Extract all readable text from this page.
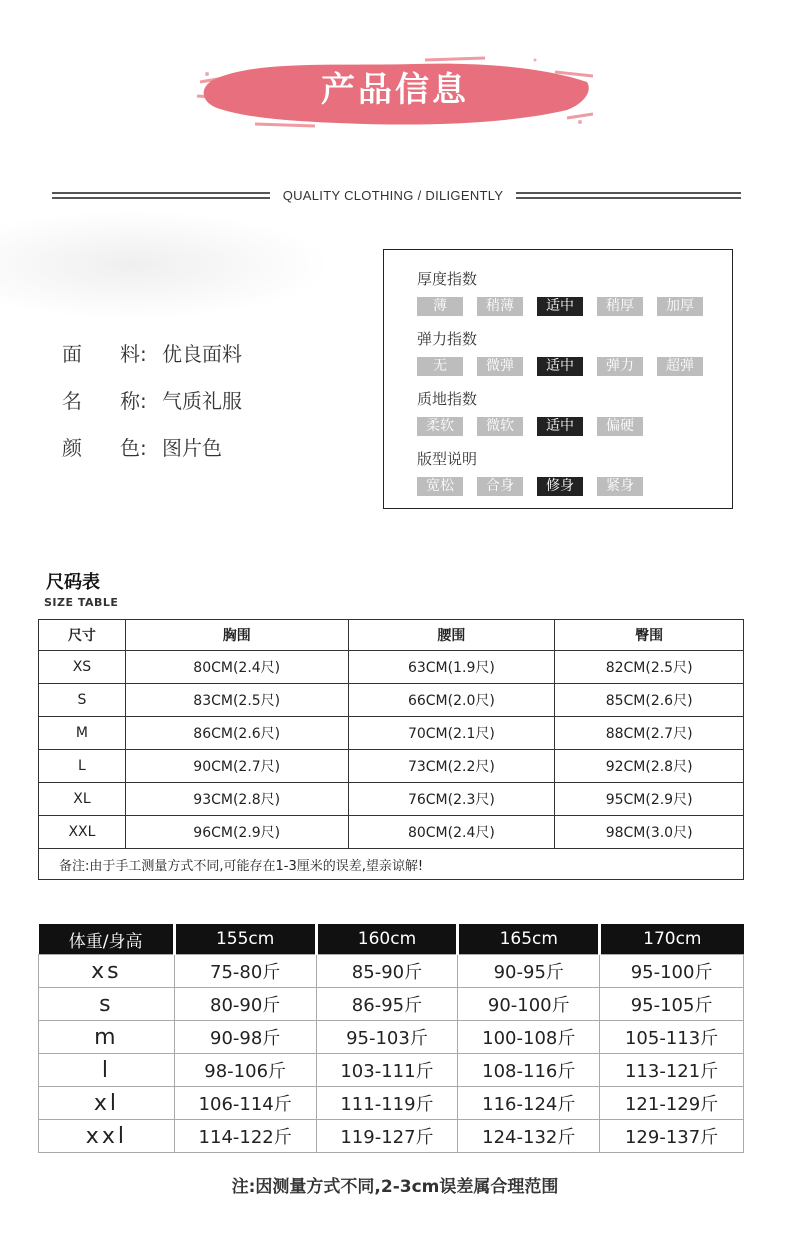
产品信息
QUALITY CLOTHING / DILIGENTLY
面 料: 优良面料
名 称: 气质礼服
颜 色: 图片色
厚度指数
薄	稍薄	适中	稍厚	加厚
弹力指数
无	微弹	适中	弹力	超弹
质地指数
柔软	微软	适中	偏硬
版型说明
宽松	合身	修身	紧身
尺码表
SIZE TABLE
尺寸	胸围	腰围	臀围
XS	80CM(2.4尺)	63CM(1.9尺)	82CM(2.5尺)
S	83CM(2.5尺)	66CM(2.0尺)	85CM(2.6尺)
M	86CM(2.6尺)	70CM(2.1尺)	88CM(2.7尺)
L	90CM(2.7尺)	73CM(2.2尺)	92CM(2.8尺)
XL	93CM(2.8尺)	76CM(2.3尺)	95CM(2.9尺)
XXL	96CM(2.9尺)	80CM(2.4尺)	98CM(3.0尺)
备注:由于手工测量方式不同,可能存在1-3厘米的误差,望亲谅解!			
体重/身高	155cm	160cm	165cm	170cm
xs	75-80斤	85-90斤	90-95斤	95-100斤
s	80-90斤	86-95斤	90-100斤	95-105斤
m	90-98斤	95-103斤	100-108斤	105-113斤
l	98-106斤	103-111斤	108-116斤	113-121斤
xl	106-114斤	111-119斤	116-124斤	121-129斤
xxl	114-122斤	119-127斤	124-132斤	129-137斤
注:因测量方式不同,2-3cm误差属合理范围
